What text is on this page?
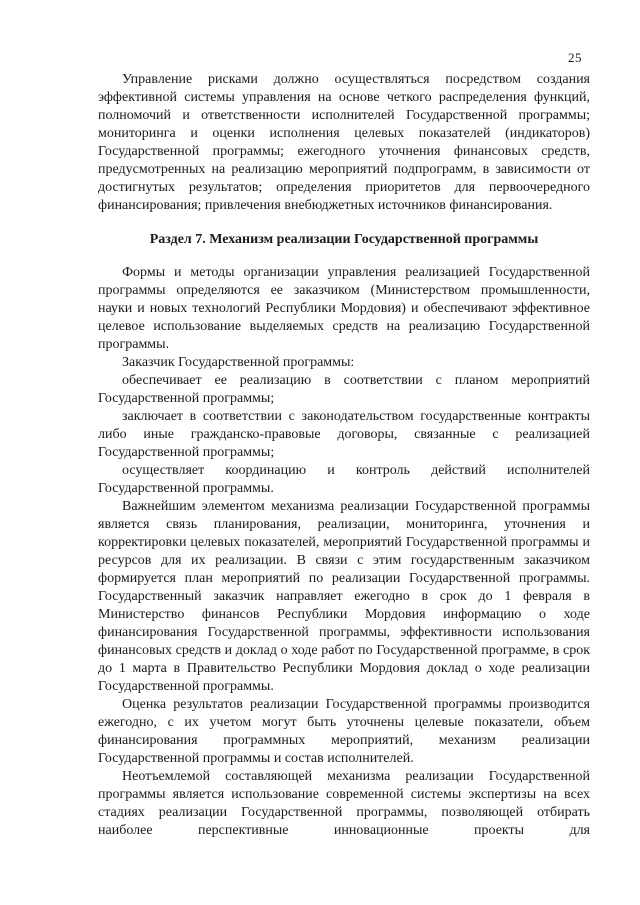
25

Управление рисками должно осуществляться посредством создания эффективной системы управления на основе четкого распределения функций, полномочий и ответственности исполнителей Государственной программы; мониторинга и оценки исполнения целевых показателей (индикаторов) Государственной программы; ежегодного уточнения финансовых средств, предусмотренных на реализацию мероприятий подпрограмм, в зависимости от достигнутых результатов; определения приоритетов для первоочередного финансирования; привлечения внебюджетных источников финансирования.

Раздел 7. Механизм реализации Государственной программы

Формы и методы организации управления реализацией Государственной программы определяются ее заказчиком (Министерством промышленности, науки и новых технологий Республики Мордовия) и обеспечивают эффективное целевое использование выделяемых средств на реализацию Государственной программы.

Заказчик Государственной программы:

обеспечивает ее реализацию в соответствии с планом мероприятий Государственной программы;

заключает в соответствии с законодательством государственные контракты либо иные гражданско-правовые договоры, связанные с реализацией Государственной программы;

осуществляет координацию и контроль действий исполнителей Государственной программы.

Важнейшим элементом механизма реализации Государственной программы является связь планирования, реализации, мониторинга, уточнения и корректировки целевых показателей, мероприятий Государственной программы и ресурсов для их реализации. В связи с этим государственным заказчиком формируется план мероприятий по реализации Государственной программы. Государственный заказчик направляет ежегодно в срок до 1 февраля в Министерство финансов Республики Мордовия информацию о ходе финансирования Государственной программы, эффективности использования финансовых средств и доклад о ходе работ по Государственной программе, в срок до 1 марта в Правительство Республики Мордовия доклад о ходе реализации Государственной программы.

Оценка результатов реализации Государственной программы производится ежегодно, с их учетом могут быть уточнены целевые показатели, объем финансирования программных мероприятий, механизм реализации Государственной программы и состав исполнителей.

Неотъемлемой составляющей механизма реализации Государственной программы является использование современной системы экспертизы на всех стадиях реализации Государственной программы, позволяющей отбирать наиболее перспективные инновационные проекты для
